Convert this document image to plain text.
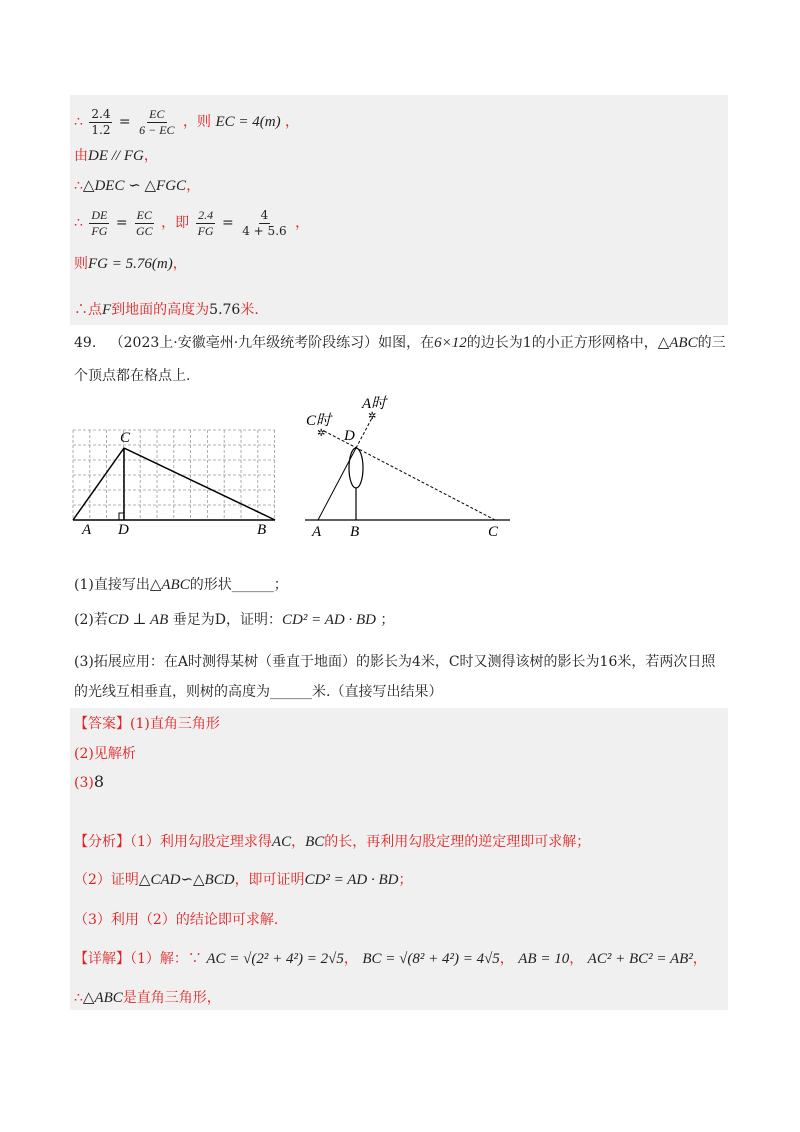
∴ $\frac{2.4}{1.2} = \frac{EC}{6 - EC}$ ，则 EC = 4(m) ，
由DE // FG，
∴△DEC ∽ △FGC，
∴ $\frac{DE}{FG} = \frac{EC}{GC}$ ，即 $\frac{2.4}{FG} = \frac{4}{4 + 5.6}$ ，
则FG = 5.76(m)，
∴点F到地面的高度为5.76米.
49. （2023上·安徽亳州·九年级统考阶段练习）如图，在6×12的边长为1的小正方形网格中，△ABC的三
个顶点都在格点上.
C
A D	B
✲
✲
C时
A时
D
A B	C
(1)直接写出△ABC的形状______；
(2)若CD ⊥ AB 垂足为D，证明：CD² = AD · BD ；
(3)拓展应用：在A时测得某树（垂直于地面）的影长为4米，C时又测得该树的影长为16米，若两次日照
的光线互相垂直，则树的高度为______米.（直接写出结果）
【答案】(1)直角三角形
(2)见解析
(3)8
【分析】（1）利用勾股定理求得AC，BC的长，再利用勾股定理的逆定理即可求解；
（2）证明△CAD∽△BCD，即可证明CD² = AD · BD；
（3）利用（2）的结论即可求解.
【详解】（1）解：∵ AC = √(2² + 4²) = 2√5， BC = √(8² + 4²) = 4√5， AB = 10， AC² + BC² = AB²，
∴△ABC是直角三角形，
